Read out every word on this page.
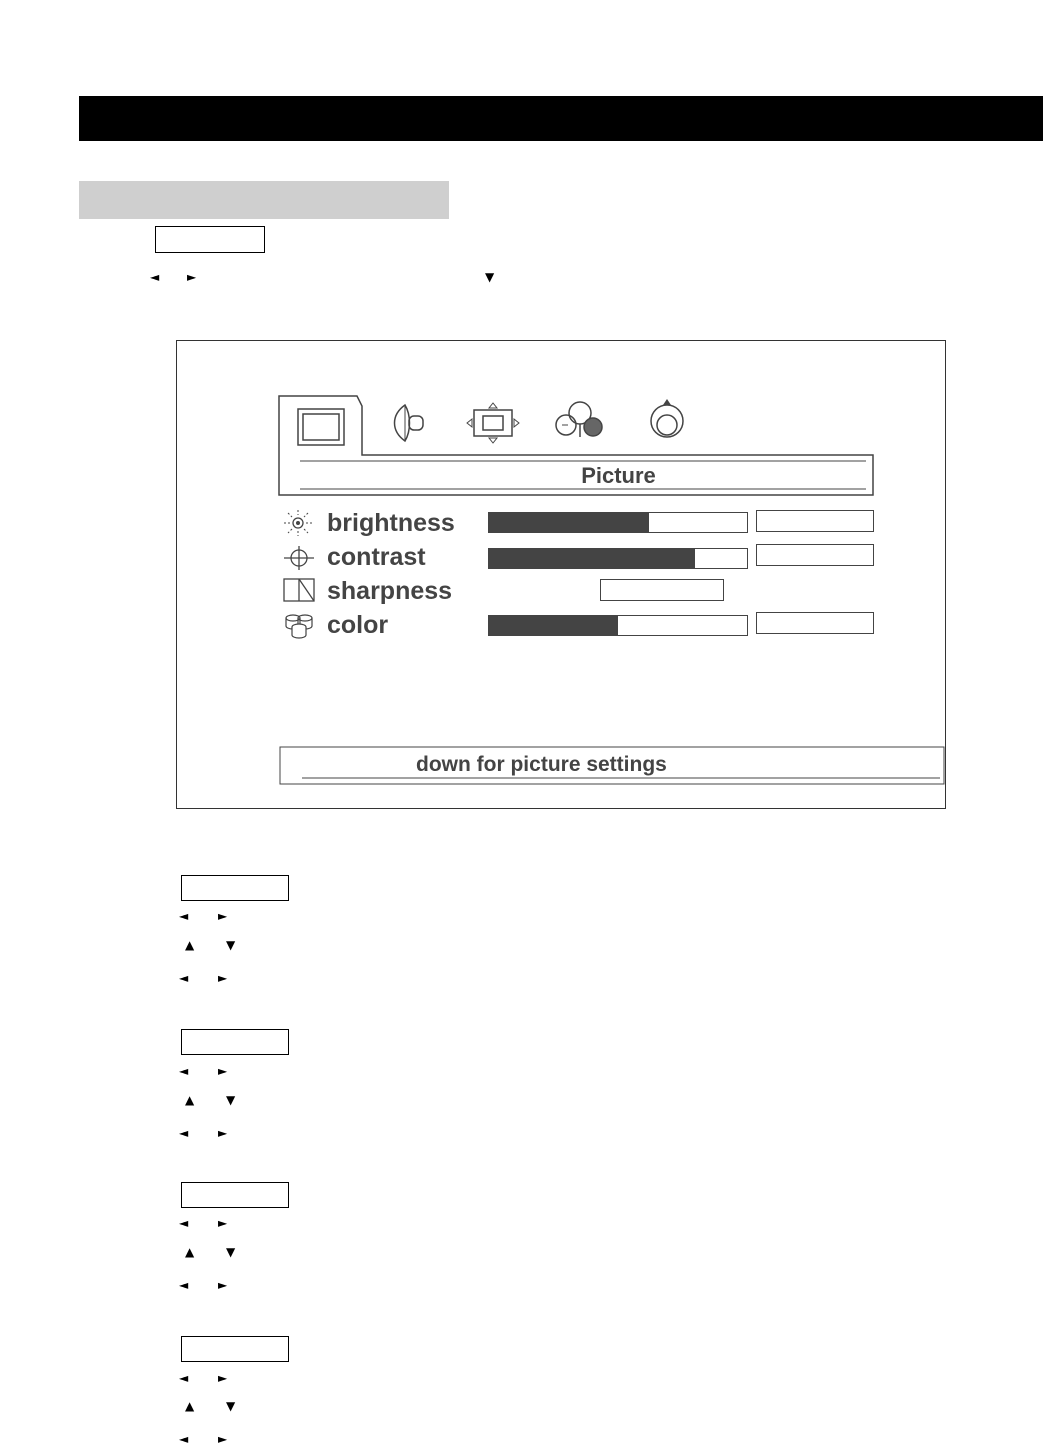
◄ ►	▼
Picture
brightness
contrast
sharpness
color
down for picture settings
◄ ►
▲	▼
◄ ►
◄ ►
▲	▼
◄ ►
◄ ►
▲	▼
◄ ►
◄ ►
▲	▼
◄ ►
